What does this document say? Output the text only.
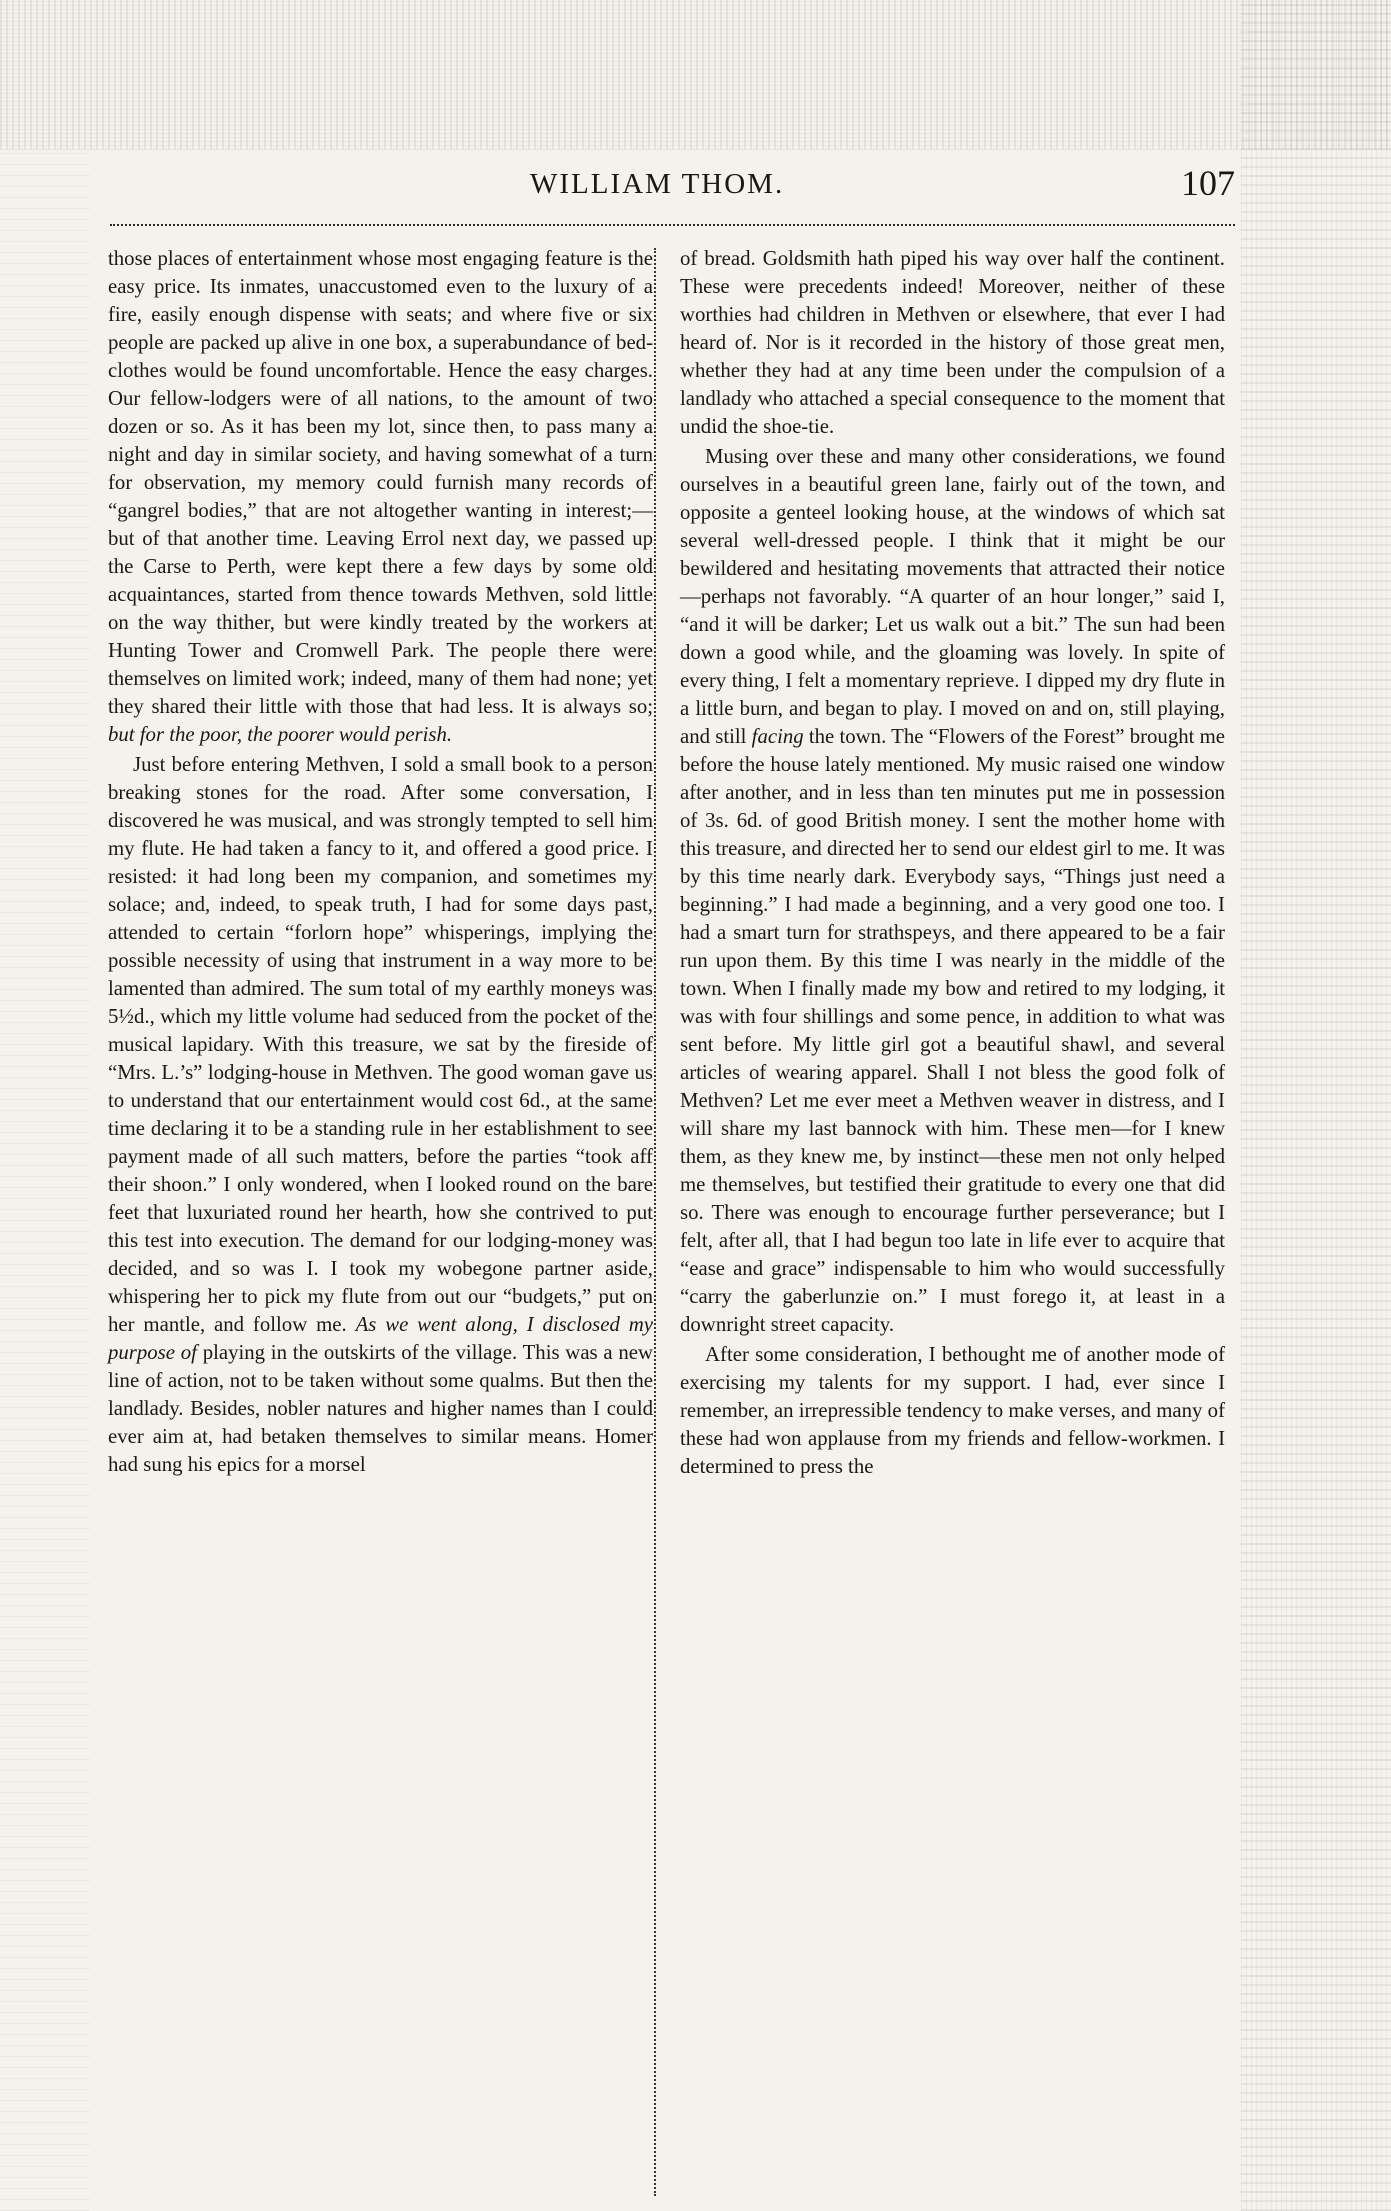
WILLIAM THOM.	107

those places of entertainment whose most engaging feature is the easy price. Its inmates, unaccustomed even to the luxury of a fire, easily enough dispense with seats; and where five or six people are packed up alive in one box, a superabundance of bed-clothes would be found uncomfortable. Hence the easy charges. Our fellow-lodgers were of all nations, to the amount of two dozen or so. As it has been my lot, since then, to pass many a night and day in similar society, and having somewhat of a turn for observation, my memory could furnish many records of “gangrel bodies,” that are not altogether wanting in interest;—but of that another time. Leaving Errol next day, we passed up the Carse to Perth, were kept there a few days by some old acquaintances, started from thence towards Methven, sold little on the way thither, but were kindly treated by the workers at Hunting Tower and Cromwell Park. The people there were themselves on limited work; indeed, many of them had none; yet they shared their little with those that had less. It is always so; but for the poor, the poorer would perish.

Just before entering Methven, I sold a small book to a person breaking stones for the road. After some conversation, I discovered he was musical, and was strongly tempted to sell him my flute. He had taken a fancy to it, and offered a good price. I resisted: it had long been my companion, and sometimes my solace; and, indeed, to speak truth, I had for some days past, attended to certain “forlorn hope” whisperings, implying the possible necessity of using that instrument in a way more to be lamented than admired. The sum total of my earthly moneys was 5½d., which my little volume had seduced from the pocket of the musical lapidary. With this treasure, we sat by the fireside of “Mrs. L.’s” lodging-house in Methven. The good woman gave us to understand that our entertainment would cost 6d., at the same time declaring it to be a standing rule in her establishment to see payment made of all such matters, before the parties “took aff their shoon.” I only wondered, when I looked round on the bare feet that luxuriated round her hearth, how she contrived to put this test into execution. The demand for our lodging-money was decided, and so was I. I took my wobegone partner aside, whispering her to pick my flute from out our “budgets,” put on her mantle, and follow me. As we went along, I disclosed my purpose of playing in the outskirts of the village. This was a new line of action, not to be taken without some qualms. But then the landlady. Besides, nobler natures and higher names than I could ever aim at, had betaken themselves to similar means. Homer had sung his epics for a morsel

of bread. Goldsmith hath piped his way over half the continent. These were precedents indeed! Moreover, neither of these worthies had children in Methven or elsewhere, that ever I had heard of. Nor is it recorded in the history of those great men, whether they had at any time been under the compulsion of a landlady who attached a special consequence to the moment that undid the shoe-tie.

Musing over these and many other considerations, we found ourselves in a beautiful green lane, fairly out of the town, and opposite a genteel looking house, at the windows of which sat several well-dressed people. I think that it might be our bewildered and hesitating movements that attracted their notice—perhaps not favorably. “A quarter of an hour longer,” said I, “and it will be darker; Let us walk out a bit.” The sun had been down a good while, and the gloaming was lovely. In spite of every thing, I felt a momentary reprieve. I dipped my dry flute in a little burn, and began to play. I moved on and on, still playing, and still facing the town. The “Flowers of the Forest” brought me before the house lately mentioned. My music raised one window after another, and in less than ten minutes put me in possession of 3s. 6d. of good British money. I sent the mother home with this treasure, and directed her to send our eldest girl to me. It was by this time nearly dark. Everybody says, “Things just need a beginning.” I had made a beginning, and a very good one too. I had a smart turn for strathspeys, and there appeared to be a fair run upon them. By this time I was nearly in the middle of the town. When I finally made my bow and retired to my lodging, it was with four shillings and some pence, in addition to what was sent before. My little girl got a beautiful shawl, and several articles of wearing apparel. Shall I not bless the good folk of Methven? Let me ever meet a Methven weaver in distress, and I will share my last bannock with him. These men—for I knew them, as they knew me, by instinct—these men not only helped me themselves, but testified their gratitude to every one that did so. There was enough to encourage further perseverance; but I felt, after all, that I had begun too late in life ever to acquire that “ease and grace” indispensable to him who would successfully “carry the gaberlunzie on.” I must forego it, at least in a downright street capacity.

After some consideration, I bethought me of another mode of exercising my talents for my support. I had, ever since I remember, an irrepressible tendency to make verses, and many of these had won applause from my friends and fellow-workmen. I determined to press the
